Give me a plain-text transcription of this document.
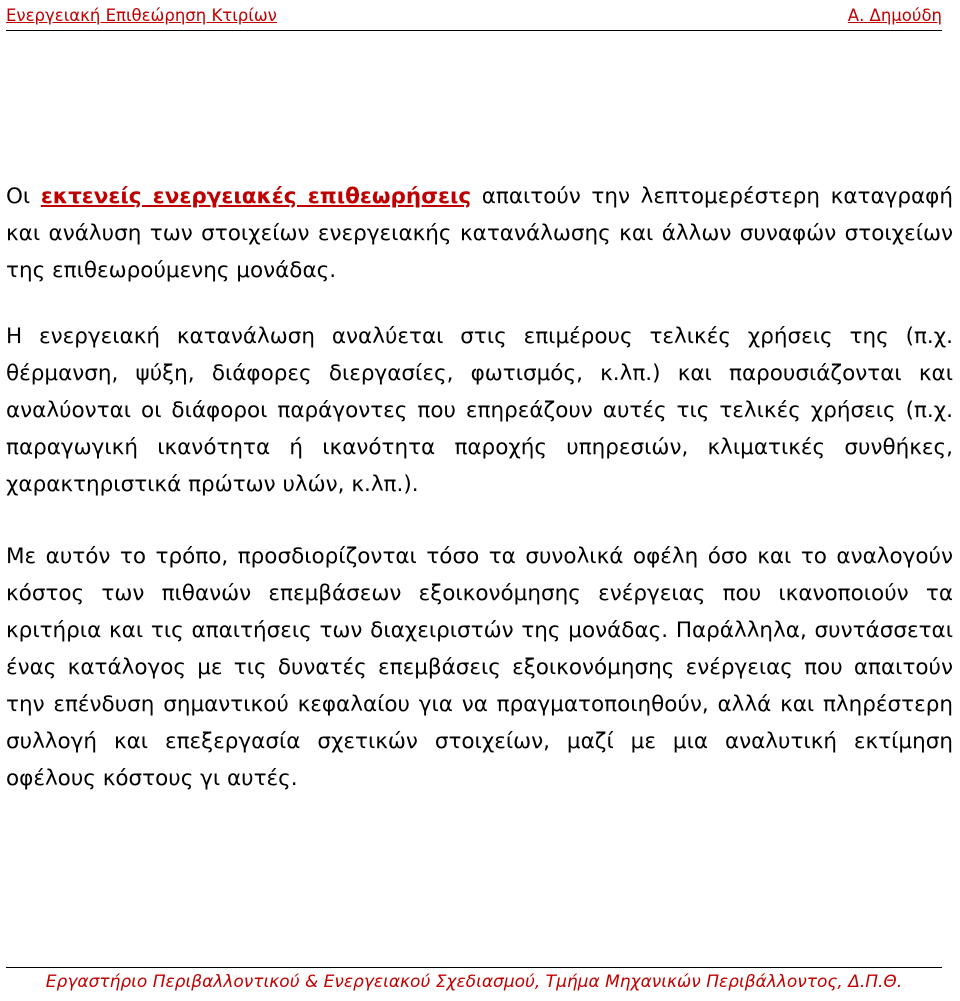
Ενεργειακή Επιθεώρηση Κτιρίων	Α. Δημούδη

Οι εκτενείς ενεργειακές επιθεωρήσεις απαιτούν την λεπτομερέστερη καταγραφή και ανάλυση των στοιχείων ενεργειακής κατανάλωσης και άλλων συναφών στοιχείων της επιθεωρούμενης μονάδας.

Η ενεργειακή κατανάλωση αναλύεται στις επιμέρους τελικές χρήσεις της (π.χ. θέρμανση, ψύξη, διάφορες διεργασίες, φωτισμός, κ.λπ.) και παρουσιάζονται και αναλύονται οι διάφοροι παράγοντες που επηρεάζουν αυτές τις τελικές χρήσεις (π.χ. παραγωγική ικανότητα ή ικανότητα παροχής υπηρεσιών, κλιματικές συνθήκες, χαρακτηριστικά πρώτων υλών, κ.λπ.).

Με αυτόν το τρόπο, προσδιορίζονται τόσο τα συνολικά οφέλη όσο και το αναλογούν κόστος των πιθανών επεμβάσεων εξοικονόμησης ενέργειας που ικανοποιούν τα κριτήρια και τις απαιτήσεις των διαχειριστών της μονάδας. Παράλληλα, συντάσσεται ένας κατάλογος με τις δυνατές επεμβάσεις εξοικονόμησης ενέργειας που απαιτούν την επένδυση σημαντικού κεφαλαίου για να πραγματοποιηθούν, αλλά και πληρέστερη συλλογή και επεξεργασία σχετικών στοιχείων, μαζί με μια αναλυτική εκτίμηση οφέλους κόστους γι αυτές.

Εργαστήριο Περιβαλλοντικού & Ενεργειακού Σχεδιασμού, Τμήμα Μηχανικών Περιβάλλοντος, Δ.Π.Θ.
